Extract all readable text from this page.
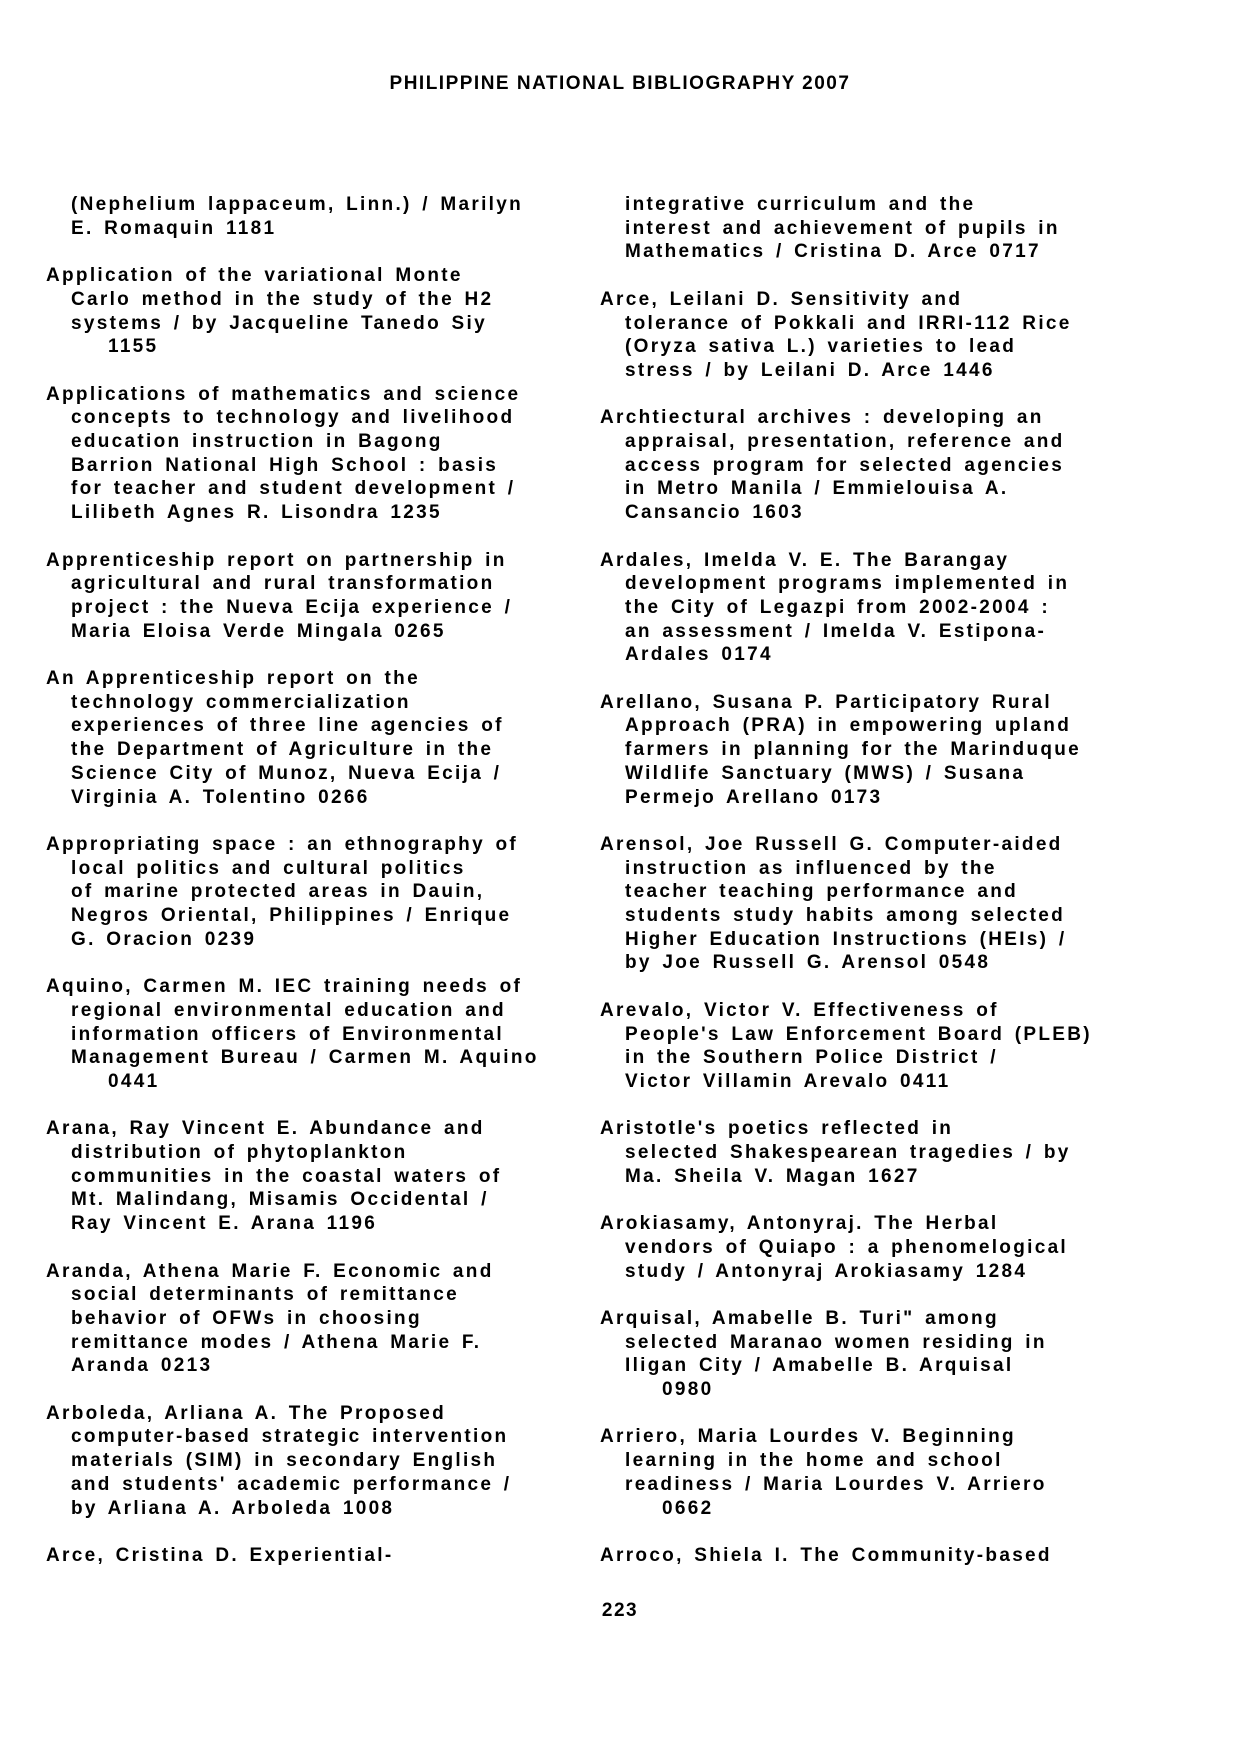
PHILIPPINE NATIONAL BIBLIOGRAPHY 2007
(Nephelium lappaceum, Linn.) / Marilyn
E. Romaquin 1181
Application of the variational Monte
Carlo method in the study of the H2
systems / by Jacqueline Tanedo Siy
1155
Applications of mathematics and science
concepts to technology and livelihood
education instruction in Bagong
Barrion National High School : basis
for teacher and student development /
Lilibeth Agnes R. Lisondra 1235
Apprenticeship report on partnership in
agricultural and rural transformation
project : the Nueva Ecija experience /
Maria Eloisa Verde Mingala 0265
An Apprenticeship report on the
technology commercialization
experiences of three line agencies of
the Department of Agriculture in the
Science City of Munoz, Nueva Ecija /
Virginia A. Tolentino 0266
Appropriating space : an ethnography of
local politics and cultural politics
of marine protected areas in Dauin,
Negros Oriental, Philippines / Enrique
G. Oracion 0239
Aquino, Carmen M. IEC training needs of
regional environmental education and
information officers of Environmental
Management Bureau / Carmen M. Aquino
0441
Arana, Ray Vincent E. Abundance and
distribution of phytoplankton
communities in the coastal waters of
Mt. Malindang, Misamis Occidental /
Ray Vincent E. Arana 1196
Aranda, Athena Marie F. Economic and
social determinants of remittance
behavior of OFWs in choosing
remittance modes / Athena Marie F.
Aranda 0213
Arboleda, Arliana A. The Proposed
computer-based strategic intervention
materials (SIM) in secondary English
and students' academic performance /
by Arliana A. Arboleda 1008
Arce, Cristina D. Experiential-
integrative curriculum and the
interest and achievement of pupils in
Mathematics / Cristina D. Arce 0717
Arce, Leilani D. Sensitivity and
tolerance of Pokkali and IRRI-112 Rice
(Oryza sativa L.) varieties to lead
stress / by Leilani D. Arce 1446
Archtiectural archives : developing an
appraisal, presentation, reference and
access program for selected agencies
in Metro Manila / Emmielouisa A.
Cansancio 1603
Ardales, Imelda V. E. The Barangay
development programs implemented in
the City of Legazpi from 2002-2004 :
an assessment / Imelda V. Estipona-
Ardales 0174
Arellano, Susana P. Participatory Rural
Approach (PRA) in empowering upland
farmers in planning for the Marinduque
Wildlife Sanctuary (MWS) / Susana
Permejo Arellano 0173
Arensol, Joe Russell G. Computer-aided
instruction as influenced by the
teacher teaching performance and
students study habits among selected
Higher Education Instructions (HEIs) /
by Joe Russell G. Arensol 0548
Arevalo, Victor V. Effectiveness of
People's Law Enforcement Board (PLEB)
in the Southern Police District /
Victor Villamin Arevalo 0411
Aristotle's poetics reflected in
selected Shakespearean tragedies / by
Ma. Sheila V. Magan 1627
Arokiasamy, Antonyraj. The Herbal
vendors of Quiapo : a phenomelogical
study / Antonyraj Arokiasamy 1284
Arquisal, Amabelle B. Turi" among
selected Maranao women residing in
Iligan City / Amabelle B. Arquisal
0980
Arriero, Maria Lourdes V. Beginning
learning in the home and school
readiness / Maria Lourdes V. Arriero
0662
Arroco, Shiela I. The Community-based
223
